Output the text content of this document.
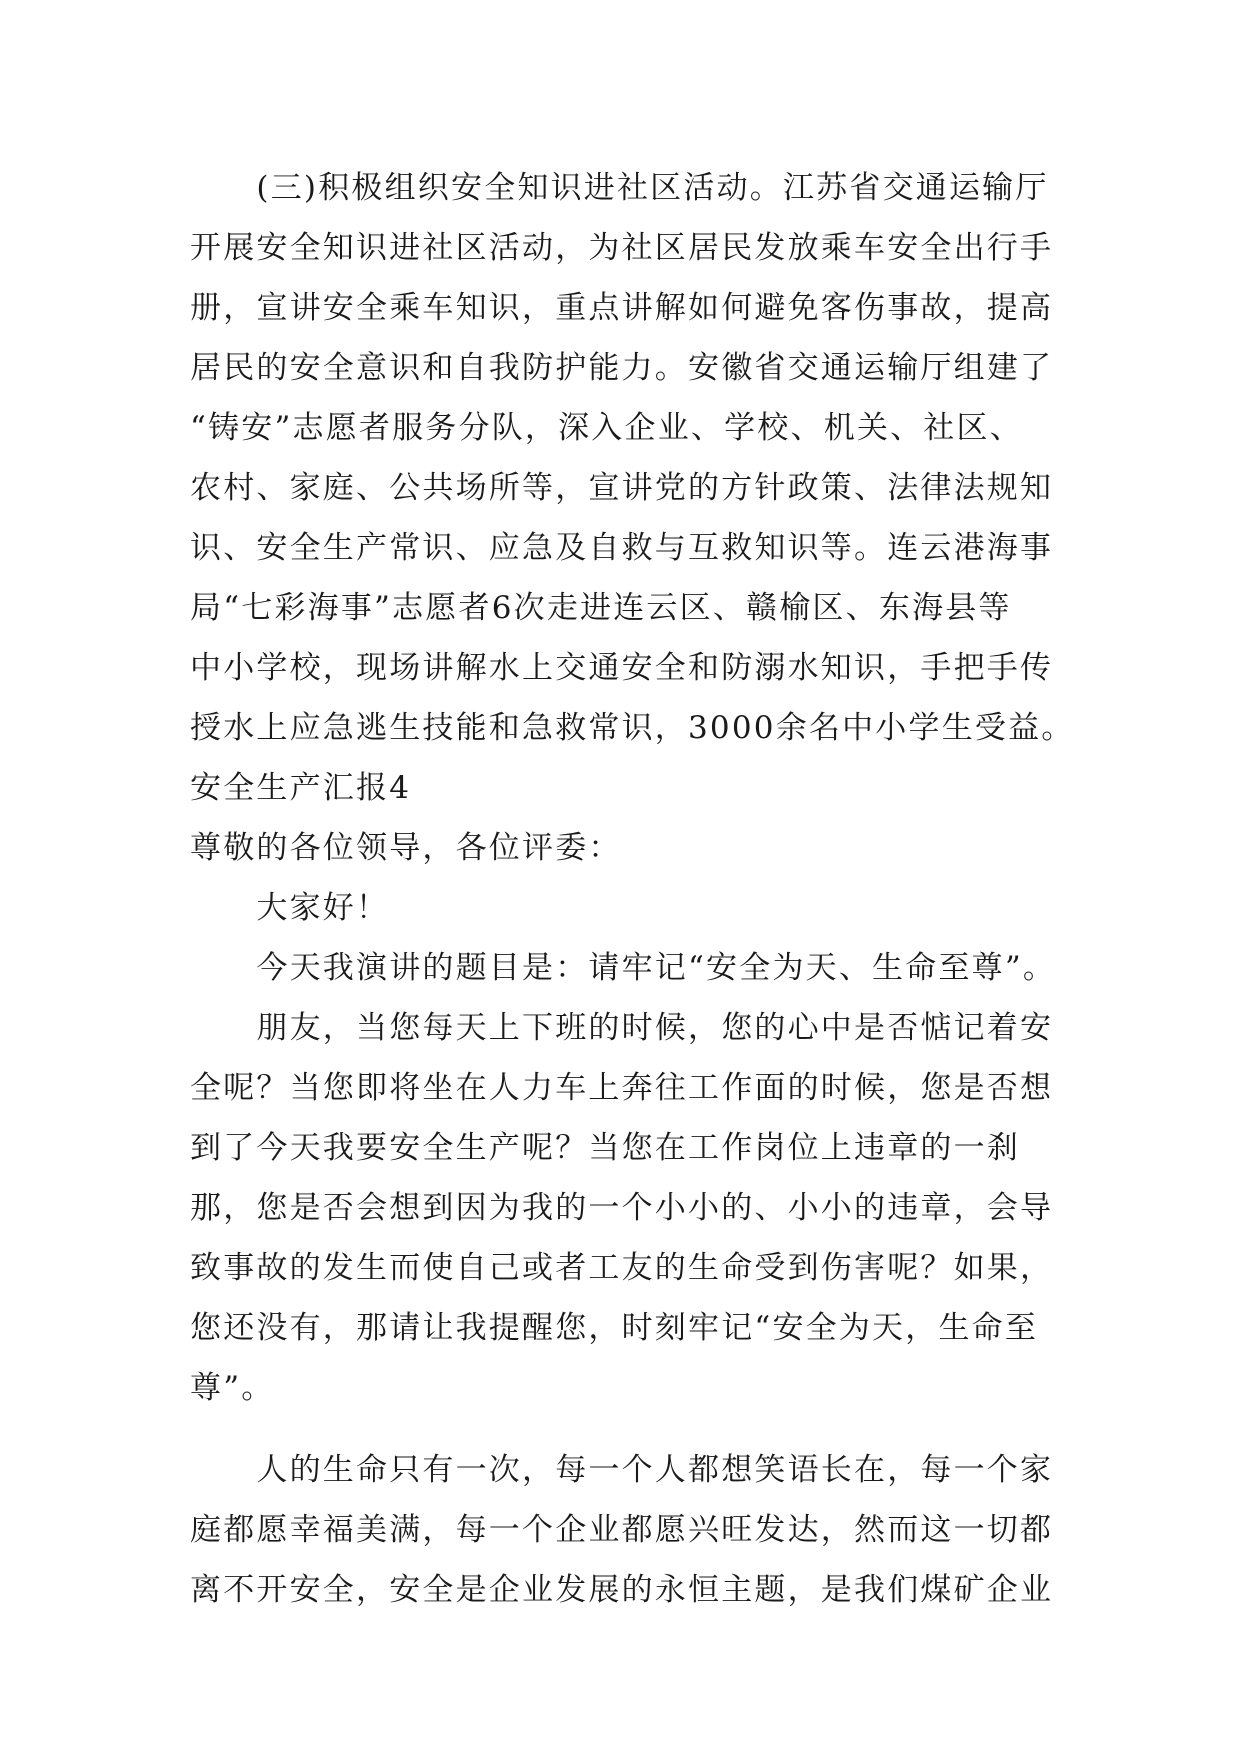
　　(三)积极组织安全知识进社区活动。江苏省交通运输厅
开展安全知识进社区活动，为社区居民发放乘车安全出行手
册，宣讲安全乘车知识，重点讲解如何避免客伤事故，提高
居民的安全意识和自我防护能力。安徽省交通运输厅组建了
“铸安”志愿者服务分队，深入企业、学校、机关、社区、
农村、家庭、公共场所等，宣讲党的方针政策、法律法规知
识、安全生产常识、应急及自救与互救知识等。连云港海事
局“七彩海事”志愿者6次走进连云区、赣榆区、东海县等
中小学校，现场讲解水上交通安全和防溺水知识，手把手传
授水上应急逃生技能和急救常识，3000余名中小学生受益。
安全生产汇报4
尊敬的各位领导，各位评委：
　　大家好！
　　今天我演讲的题目是：请牢记“安全为天、生命至尊”。
　　朋友，当您每天上下班的时候，您的心中是否惦记着安
全呢？当您即将坐在人力车上奔往工作面的时候，您是否想
到了今天我要安全生产呢？当您在工作岗位上违章的一刹
那，您是否会想到因为我的一个小小的、小小的违章，会导
致事故的发生而使自己或者工友的生命受到伤害呢？如果，
您还没有，那请让我提醒您，时刻牢记“安全为天，生命至
尊”。
　　人的生命只有一次，每一个人都想笑语长在，每一个家
庭都愿幸福美满，每一个企业都愿兴旺发达，然而这一切都
离不开安全，安全是企业发展的永恒主题，是我们煤矿企业
